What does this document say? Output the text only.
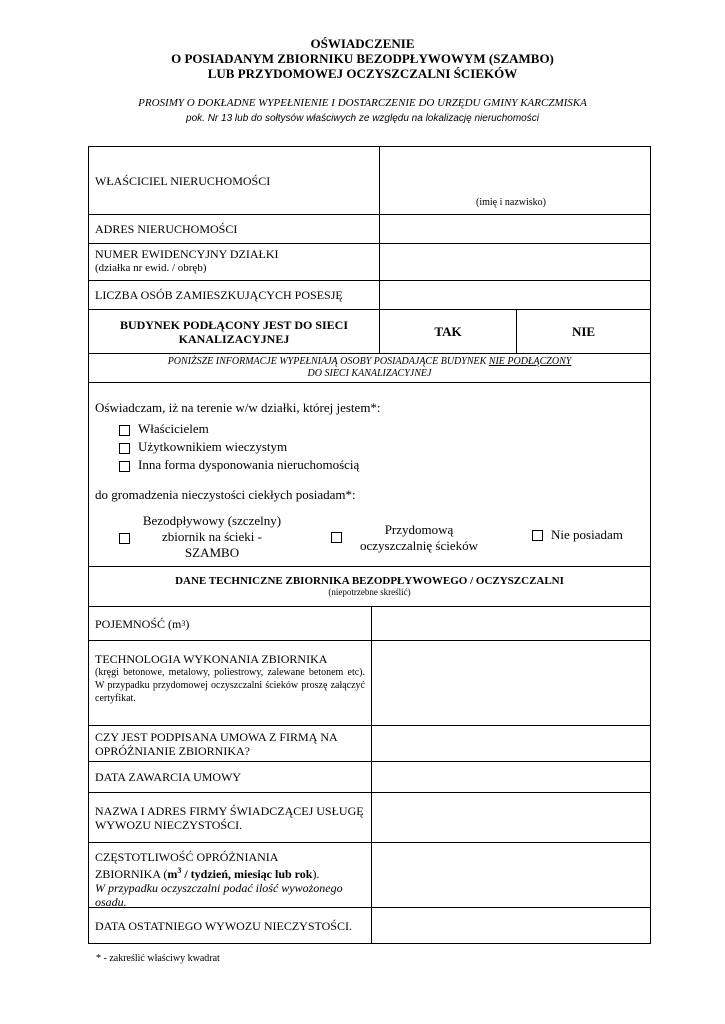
OŚWIADCZENIE
O POSIADANYM ZBIORNIKU BEZODPŁYWOWYM (SZAMBO)
LUB PRZYDOMOWEJ OCZYSZCZALNI ŚCIEKÓW
PROSIMY O DOKŁADNE WYPEŁNIENIE I DOSTARCZENIE DO URZĘDU GMINY KARCZMISKA
pok. Nr 13 lub do sołtysów właściwych ze względu na lokalizację nieruchomości
WŁAŚCICIEL NIERUCHOMOŚCI
(imię i nazwisko)
ADRES NIERUCHOMOŚCI
NUMER EWIDENCYJNY DZIAŁKI
(działka nr ewid. / obręb)
LICZBA OSÓB ZAMIESZKUJĄCYCH POSESJĘ
BUDYNEK PODŁĄCONY JEST DO SIECI KANALIZACYJNEJ	TAK	NIE
PONIŻSZE INFORMACJE WYPEŁNIAJĄ OSOBY POSIADAJĄCE BUDYNEK NIE PODŁĄCZONY
DO SIECI KANALIZACYJNEJ
Oświadczam, iż na terenie w/w działki, której jestem*:
Właścicielem
Użytkownikiem wieczystym
Inna forma dysponowania nieruchomością
do gromadzenia nieczystości ciekłych posiadam*:
Bezodpływowy (szczelny)
zbiornik na ścieki -
SZAMBO
Przydomową
oczyszczalnię ścieków
Nie posiadam
DANE TECHNICZNE ZBIORNIKA BEZODPŁYWOWEGO / OCZYSZCZALNI
(niepotrzebne skreślić)
POJEMNOŚĆ (m 3 )
TECHNOLOGIA WYKONANIA ZBIORNIKA
(kręgi betonowe, metalowy, poliestrowy, zalewane betonem etc). W przypadku przydomowej oczyszczalni ścieków proszę załączyć certyfikat.
CZY JEST PODPISANA UMOWA Z FIRMĄ NA OPRÓŻNIANIE ZBIORNIKA?
DATA ZAWARCIA UMOWY
NAZWA I ADRES FIRMY ŚWIADCZĄCEJ USŁUGĘ WYWOZU NIECZYSTOŚCI.
CZĘSTOTLIWOŚĆ OPRÓŻNIANIA
ZBIORNIKA ($m^3$ / tydzień, miesiąc lub rok).
W przypadku oczyszczalni podać ilość wywożonego osadu.
DATA OSTATNIEGO WYWOZU NIECZYSTOŚCI.
* - zakreślić właściwy kwadrat
